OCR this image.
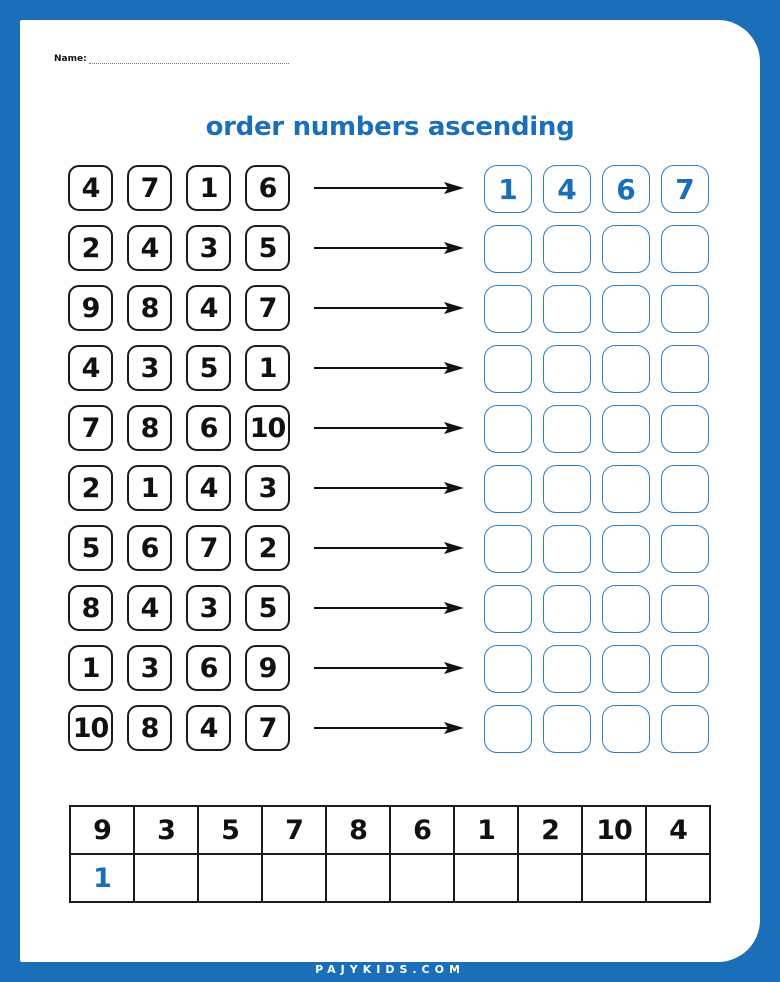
Name:
order numbers ascending
4	7	1	6	1	4	6	7
2	4	3	5
9	8	4	7
4	3	5	1
7	8	6	10
2	1	4	3
5	6	7	2
8	4	3	5
1	3	6	9
10	8	4	7
9	3	5	7	8	6	1	2	10	4
1									
PAJYKIDS.COM
